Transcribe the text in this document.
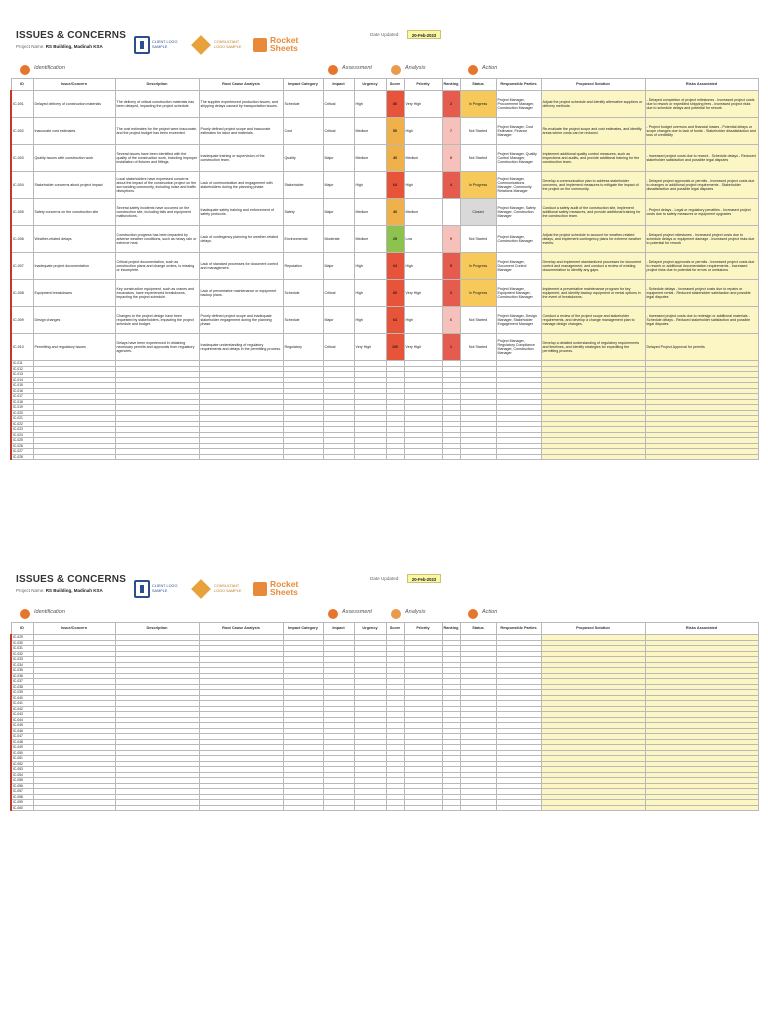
ISSUES & CONCERNS
Project Name: RS Building, Madinah KSA
CLIENT LOGO SAMPLE
CONSULTANT LOGO SAMPLE
Rocket
Sheets
Date Updated:	20-Feb-2023
Identification	Assessment	Analysis	Action
ID	Issue/Concern	Description	Root Cause Analysis	Impact Category	Impact	Urgency	Score	Priority	Ranking	Status	Responsible Parties	Proposed Solution	Risks Associated
IC-001	Delayed delivery of construction materials	The delivery of critical construction materials has been delayed, impacting the project schedule.	The supplier experienced production issues, and shipping delays caused by transportation issues.	Schedule	Critical	High	80	Very High	2	In Progress	Project Manager, Procurement Manager, Construction Manager	Adjust the project schedule and identify alternative suppliers or delivery methods.	- Delayed completion of project milestones - Increased project costs due to rework or expedited shipping fees - Increased project risks due to schedule delays and potential for rework
IC-002	Inaccurate cost estimates	The cost estimates for the project were inaccurate, and the project budget has been exceeded.	Poorly defined project scope and inaccurate estimates for labor and materials.	Cost	Critical	Medium	50	High	7	Not Started	Project Manager, Cost Estimator, Finance Manager	Re-evaluate the project scope and cost estimates, and identify areas where costs can be reduced.	- Project budget overruns and financial losses - Potential delays or scope changes due to lack of funds - Stakeholder dissatisfaction and loss of credibility
IC-003	Quality issues with construction work	Several issues have been identified with the quality of the construction work, including improper installation of fixtures and fittings.	Inadequate training or supervision of the construction team.	Quality	Major	Medium	40	Medium	8	Not Started	Project Manager, Quality Control Manager, Construction Manager	Implement additional quality control measures, such as inspections and audits, and provide additional training for the construction team.	- Increased project costs due to rework - Schedule delays - Reduced stakeholder satisfaction and possible legal disputes
IC-004	Stakeholder concerns about project impact	Local stakeholders have expressed concerns about the impact of the construction project on the surrounding community, including noise and traffic disruptions.	Lack of communication and engagement with stakeholders during the planning phase.	Stakeholder	Major	High	64	High	4	In Progress	Project Manager, Communications Manager, Community Relations Manager	Develop a communication plan to address stakeholder concerns, and implement measures to mitigate the impact of the project on the community.	- Delayed project approvals or permits - Increased project costs due to changes or additional project requirements - Stakeholder dissatisfaction and possible legal disputes
IC-005	Safety concerns on the construction site	Several safety incidents have occurred on the construction site, including falls and equipment malfunctions.	Inadequate safety training and enforcement of safety protocols.	Safety	Major	Medium	40	Medium		Closed	Project Manager, Safety Manager, Construction Manager	Conduct a safety audit of the construction site, implement additional safety measures, and provide additional training for the construction team.	- Project delays - Legal or regulatory penalties - Increased project costs due to safety measures or equipment upgrades
IC-006	Weather-related delays	Construction progress has been impacted by adverse weather conditions, such as heavy rain or extreme heat.	Lack of contingency planning for weather-related delays.	Environmental	Moderate	Medium	25	Low	9	Not Started	Project Manager, Construction Manager	Adjust the project schedule to account for weather-related delays, and implement contingency plans for extreme weather events.	- Delayed project milestones - Increased project costs due to schedule delays or equipment damage - Increased project risks due to potential for rework
IC-007	Inadequate project documentation	Critical project documentation, such as construction plans and change orders, is missing or incomplete.	Lack of standard processes for document control and management.	Reputation	Major	High	64	High	5	In Progress	Project Manager, Document Control Manager	Develop and implement standardized processes for document control and management, and conduct a review of existing documentation to identify any gaps.	- Delayed project approvals or permits - Increased project costs due to rework or additional documentation requirements - Increased project risks due to potential for errors or omissions
IC-008	Equipment breakdowns	Key construction equipment, such as cranes and excavators, have experienced breakdowns, impacting the project schedule.	Lack of preventative maintenance or equipment backup plans.	Schedule	Critical	High	80	Very High	3	In Progress	Project Manager, Equipment Manager, Construction Manager	Implement a preventative maintenance program for key equipment, and identify backup equipment or rental options in the event of breakdowns.	- Schedule delays - Increased project costs due to repairs or equipment rental - Reduced stakeholder satisfaction and possible legal disputes
IC-009	Design changes	Changes to the project design have been requested by stakeholders, impacting the project schedule and budget.	Poorly defined project scope and inadequate stakeholder engagement during the planning phase.	Schedule	Major	High	64	High	6	Not Started	Project Manager, Design Manager, Stakeholder Engagement Manager	Conduct a review of the project scope and stakeholder requirements, and develop a change management plan to manage design changes.	- Increased project costs due to redesign or additional materials - Schedule delays - Reduced stakeholder satisfaction and possible legal disputes
IC-010	Permitting and regulatory issues	Delays have been experienced in obtaining necessary permits and approvals from regulatory agencies.	Inadequate understanding of regulatory requirements and delays in the permitting process.	Regulatory	Critical	Very High	100	Very High	1	Not Started	Project Manager, Regulatory Compliance Manager, Construction Manager	Develop a detailed understanding of regulatory requirements and timelines, and identify strategies for expediting the permitting process.	Delayed Project Approval for permits
IC-011													
IC-012													
IC-013													
IC-014													
IC-015													
IC-016													
IC-017													
IC-018													
IC-019													
IC-020													
IC-021													
IC-022													
IC-023													
IC-024													
IC-025													
IC-026													
IC-027													
IC-028													
ISSUES & CONCERNS
Project Name: RS Building, Madinah KSA
CLIENT LOGO SAMPLE
CONSULTANT LOGO SAMPLE
Rocket
Sheets
Date Updated:	20-Feb-2023
Identification	Assessment	Analysis	Action
ID	Issue/Concern	Description	Root Cause Analysis	Impact Category	Impact	Urgency	Score	Priority	Ranking	Status	Responsible Parties	Proposed Solution	Risks Associated
IC-029													
IC-030													
IC-031													
IC-032													
IC-033													
IC-034													
IC-035													
IC-036													
IC-037													
IC-038													
IC-039													
IC-040													
IC-041													
IC-042													
IC-043													
IC-044													
IC-045													
IC-046													
IC-047													
IC-048													
IC-049													
IC-050													
IC-051													
IC-052													
IC-053													
IC-054													
IC-055													
IC-056													
IC-057													
IC-058													
IC-059													
IC-060													
